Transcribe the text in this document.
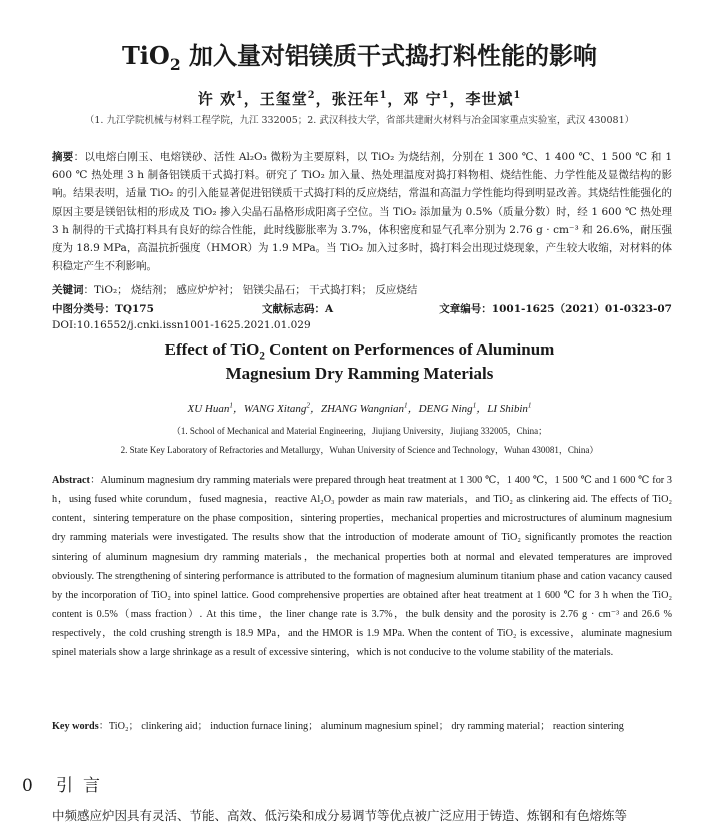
TiO$_2$ 加入量对铝镁质干式捣打料性能的影响
许 欢$^1$，王玺堂$^2$，张汪年$^1$，邓 宁$^1$，李世斌$^1$
（1. 九江学院机械与材料工程学院，九江 332005；2. 武汉科技大学，省部共建耐火材料与冶金国家重点实验室，武汉 430081）
摘要：以电熔白刚玉、电熔镁砂、活性 Al₂O₃ 微粉为主要原料，以 TiO₂ 为烧结剂，分别在 1 300 ℃、1 400 ℃、1 500 ℃ 和 1 600 ℃ 热处理 3 h 制备铝镁质干式捣打料。研究了 TiO₂ 加入量、热处理温度对捣打料物相、烧结性能、力学性能及显微结构的影响。结果表明，适量 TiO₂ 的引入能显著促进铝镁质干式捣打料的反应烧结，常温和高温力学性能均得到明显改善。其烧结性能强化的原因主要是镁铝钛相的形成及 TiO₂ 掺入尖晶石晶格形成阳离子空位。当 TiO₂ 添加量为 0.5%（质量分数）时，经 1 600 ℃ 热处理 3 h 制得的干式捣打料具有良好的综合性能，此时线膨胀率为 3.7%，体积密度和显气孔率分别为 2.76 g · cm⁻³ 和 26.6%，耐压强度为 18.9 MPa，高温抗折强度（HMOR）为 1.9 MPa。当 TiO₂ 加入过多时，捣打料会出现过烧现象，产生较大收缩，对材料的体积稳定产生不利影响。
关键词：TiO₂； 烧结剂； 感应炉炉衬； 铝镁尖晶石； 干式捣打料； 反应烧结
中图分类号：TQ175	文献标志码：A	文章编号：1001-1625（2021）01-0323-07
DOI:10.16552/j.cnki.issn1001-1625.2021.01.029
Effect of TiO$_2$ Content on Performences of Aluminum
Magnesium Dry Ramming Materials
XU Huan$^1$，WANG Xitang$^2$，ZHANG Wangnian$^1$，DENG Ning$^1$，LI Shibin$^1$
（1. School of Mechanical and Material Engineering，Jiujiang University，Jiujiang 332005，China；
2. State Key Laboratory of Refractories and Metallurgy，Wuhan University of Science and Technology，Wuhan 430081，China）
Abstract：Aluminum magnesium dry ramming materials were prepared through heat treatment at 1 300 ℃，1 400 ℃，1 500 ℃ and 1 600 ℃ for 3 h，using fused white corundum，fused magnesia，reactive Al₂O₃ powder as main raw materials，and TiO₂ as clinkering aid. The effects of TiO₂ content，sintering temperature on the phase composition，sintering properties，mechanical properties and microstructures of aluminum magnesium dry ramming materials were investigated. The results show that the introduction of moderate amount of TiO₂ significantly promotes the reaction sintering of aluminum magnesium dry ramming materials，the mechanical properties both at normal and elevated temperatures are improved obviously. The strengthening of sintering performance is attributed to the formation of magnesium aluminum titanium phase and cation vacancy caused by the incorporation of TiO₂ into spinel lattice. Good comprehensive properties are obtained after heat treatment at 1 600 ℃ for 3 h when the TiO₂ content is 0.5%（mass fraction）. At this time，the liner change rate is 3.7%，the bulk density and the porosity is 2.76 g · cm⁻³ and 26.6 % respectively，the cold crushing strength is 18.9 MPa，and the HMOR is 1.9 MPa. When the content of TiO₂ is excessive，aluminate magnesium spinel materials show a large shrinkage as a result of excessive sintering，which is not conducive to the volume stability of the materials.
Key words：TiO₂； clinkering aid； induction furnace lining； aluminum magnesium spinel； dry ramming material； reaction sintering
0 引言
中频感应炉因具有灵活、节能、高效、低污染和成分易调节等优点被广泛应用于铸造、炼钢和有色熔炼等
